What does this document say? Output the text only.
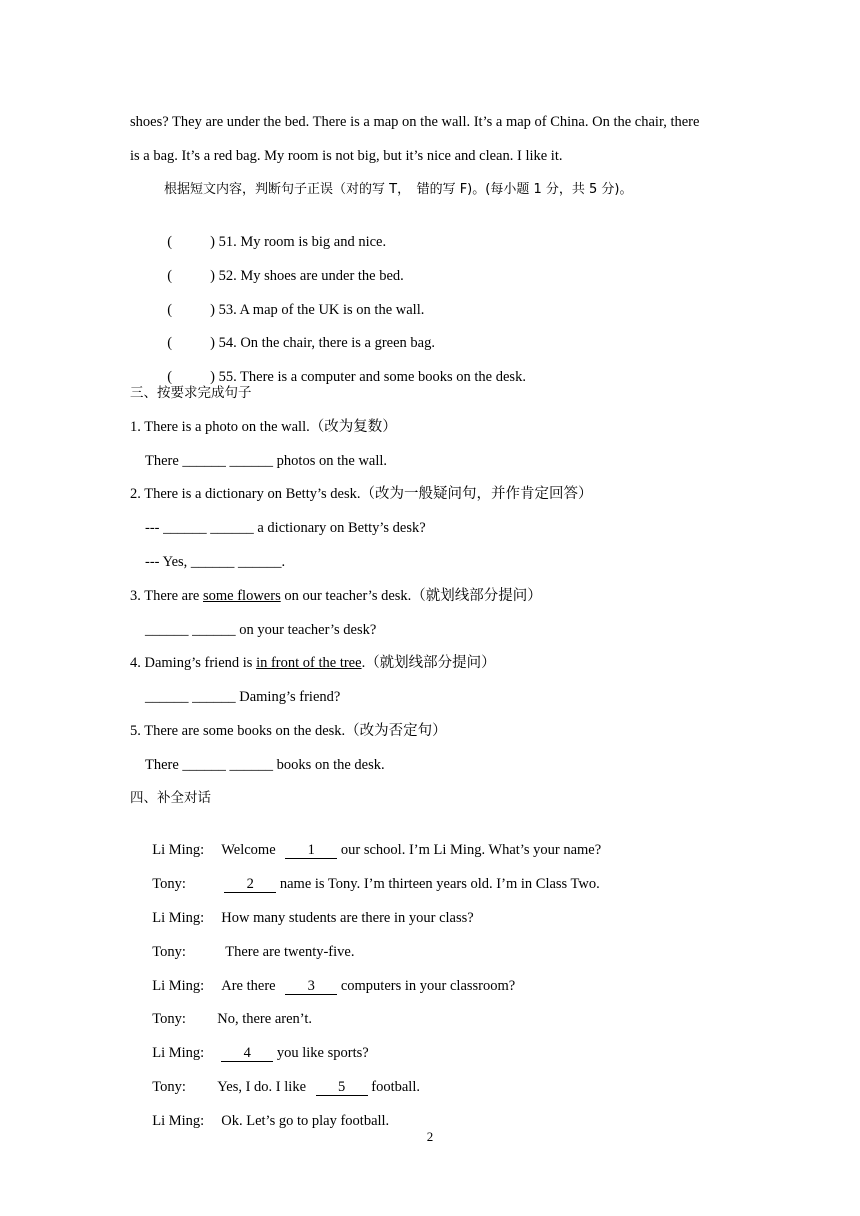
shoes? They are under the bed. There is a map on the wall. It’s a map of China. On the chair, there
is a bag. It’s a red bag. My room is not big, but it’s nice and clean. I like it.
根据短文内容，判断句子正误（对的写 T，　错的写 F)。(每小题 1 分，共 5 分)。

(	) 51. My room is big and nice.

(	) 52. My shoes are under the bed.

(	) 53. A map of the UK is on the wall.

(	) 54. On the chair, there is a green bag.

(	) 55. There is a computer and some books on the desk.

三、按要求完成句子
1. There is a photo on the wall.（改为复数）
There ______ ______ photos on the wall.
2. There is a dictionary on Betty’s desk.（改为一般疑问句，并作肯定回答）
--- ______ ______ a dictionary on Betty’s desk?
--- Yes, ______ ______.
3. There are some flowers on our teacher’s desk.（就划线部分提问）
______ ______ on your teacher’s desk?
4. Daming’s friend is in front of the tree.（就划线部分提问）
______ ______ Daming’s friend?
5. There are some books on the desk.（改为否定句）
There ______ ______ books on the desk.
四、补全对话

Li Ming: Welcome 1 our school. I’m Li Ming. What’s your name?

Tony:	2 name is Tony. I’m thirteen years old. I’m in Class Two.

Li Ming: How many students are there in your class?

Tony:	There are twenty-five.

Li Ming: Are there 3 computers in your classroom?

Tony: No, there aren’t.

Li Ming:	4 you like sports?

Tony: Yes, I do. I like 5 football.

Li Ming: Ok. Let’s go to play football.

2
